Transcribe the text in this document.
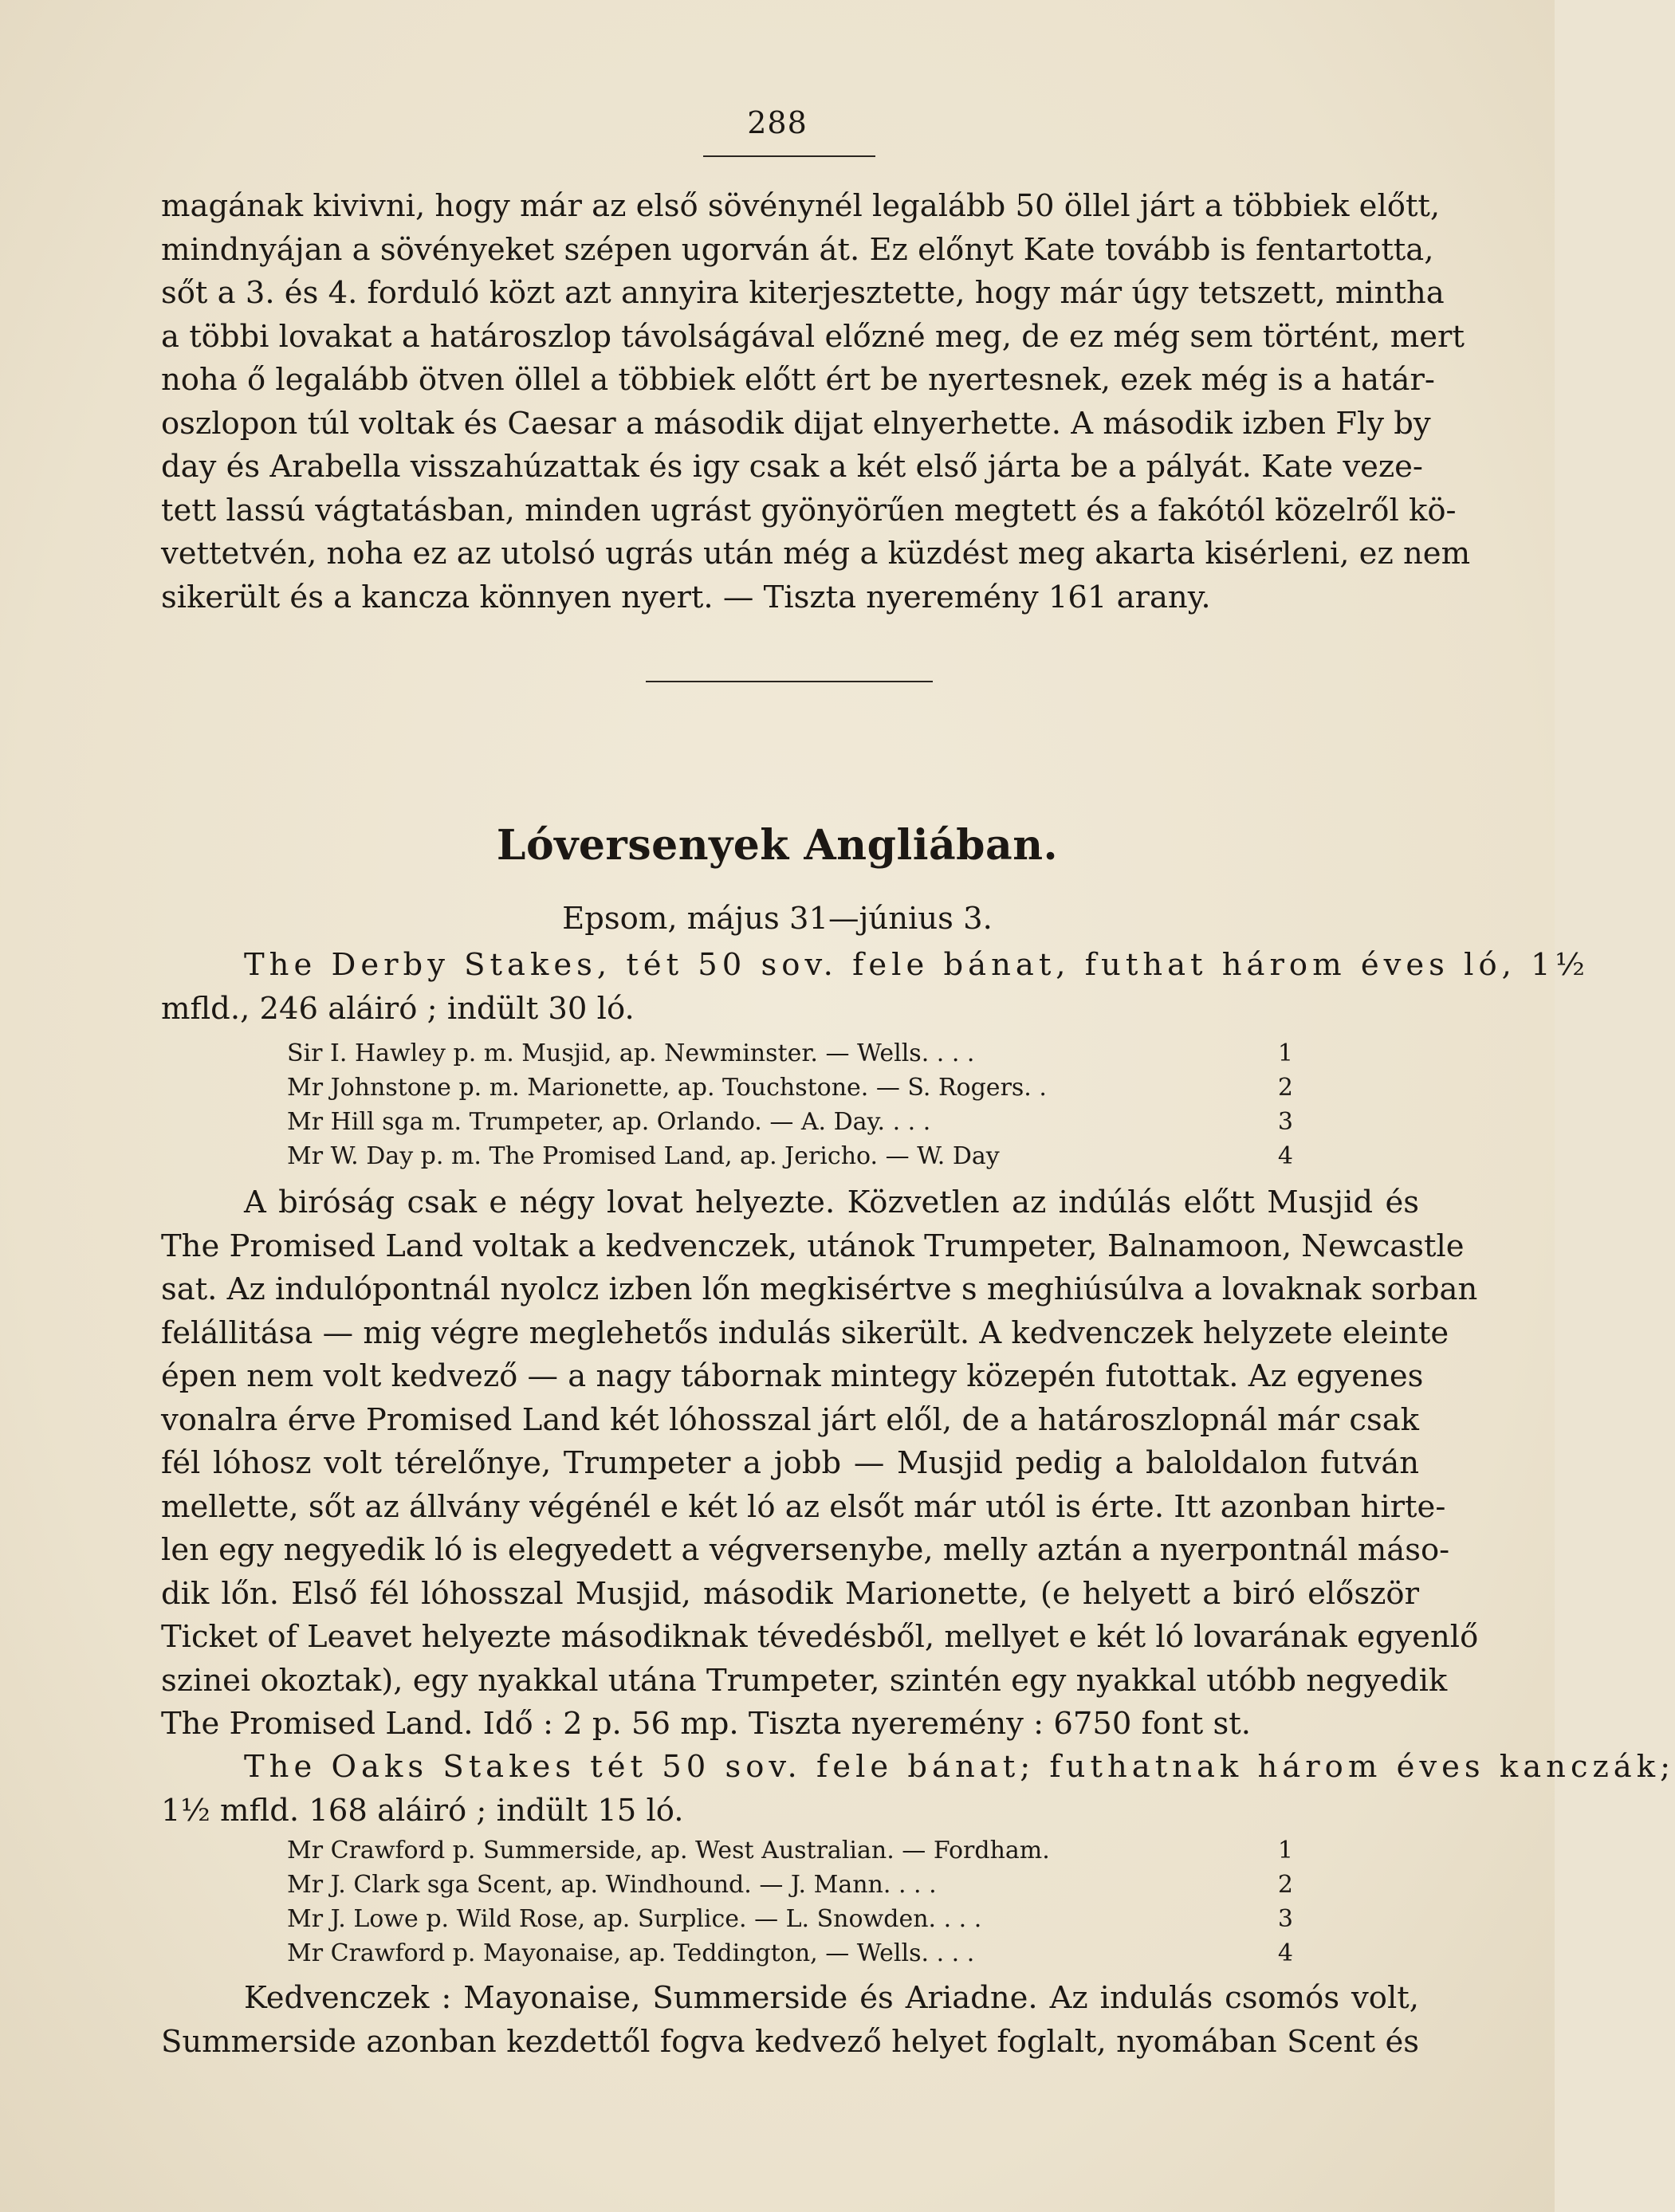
288
magának kivivni, hogy már az első sövénynél legalább 50 öllel járt a többiek előtt,
mindnyájan a sövényeket szépen ugorván át. Ez előnyt Kate tovább is fentartotta,
sőt a 3. és 4. forduló közt azt annyira kiterjesztette, hogy már úgy tetszett, mintha
a többi lovakat a határoszlop távolságával előzné meg, de ez még sem történt, mert
noha ő legalább ötven öllel a többiek előtt ért be nyertesnek, ezek még is a határ-
oszlopon túl voltak és Caesar a második dijat elnyerhette. A második izben Fly by
day és Arabella visszahúzattak és igy csak a két első járta be a pályát. Kate veze-
tett lassú vágtatásban, minden ugrást gyönyörűen megtett és a fakótól közelről kö-
vettetvén, noha ez az utolsó ugrás után még a küzdést meg akarta kisérleni, ez nem
sikerült és a kancza könnyen nyert. — Tiszta nyeremény 161 arany.
Lóversenyek Angliában.
Epsom, május 31—június 3.
The Derby Stakes, tét 50 sov. fele bánat, futhat három éves ló, 1½
mfld., 246 aláiró ; indült 30 ló.
Sir I. Hawley p. m. Musjid, ap. Newminster. — Wells. . . .	1
Mr Johnstone p. m. Marionette, ap. Touchstone. — S. Rogers. .	2
Mr Hill sga m. Trumpeter, ap. Orlando. — A. Day. . . .	3
Mr W. Day p. m. The Promised Land, ap. Jericho. — W. Day	4
A biróság csak e négy lovat helyezte. Közvetlen az indúlás előtt Musjid és
The Promised Land voltak a kedvenczek, utánok Trumpeter, Balnamoon, Newcastle
sat. Az indulópontnál nyolcz izben lőn megkisértve s meghiúsúlva a lovaknak sorban
felállitása — mig végre meglehetős indulás sikerült. A kedvenczek helyzete eleinte
épen nem volt kedvező — a nagy tábornak mintegy közepén futottak. Az egyenes
vonalra érve Promised Land két lóhosszal járt elől, de a határoszlopnál már csak
fél lóhosz volt térelőnye, Trumpeter a jobb — Musjid pedig a baloldalon futván
mellette, sőt az állvány végénél e két ló az elsőt már utól is érte. Itt azonban hirte-
len egy negyedik ló is elegyedett a végversenybe, melly aztán a nyerpontnál máso-
dik lőn. Első fél lóhosszal Musjid, második Marionette, (e helyett a biró először
Ticket of Leavet helyezte másodiknak tévedésből, mellyet e két ló lovarának egyenlő
szinei okoztak), egy nyakkal utána Trumpeter, szintén egy nyakkal utóbb negyedik
The Promised Land. Idő : 2 p. 56 mp. Tiszta nyeremény : 6750 font st.
The Oaks Stakes tét 50 sov. fele bánat; futhatnak három éves kanczák;
1½ mfld. 168 aláiró ; indült 15 ló.
Mr Crawford p. Summerside, ap. West Australian. — Fordham.	1
Mr J. Clark sga Scent, ap. Windhound. — J. Mann. . . .	2
Mr J. Lowe p. Wild Rose, ap. Surplice. — L. Snowden. . . .	3
Mr Crawford p. Mayonaise, ap. Teddington, — Wells. . . .	4
Kedvenczek : Mayonaise, Summerside és Ariadne. Az indulás csomós volt,
Summerside azonban kezdettől fogva kedvező helyet foglalt, nyomában Scent és
